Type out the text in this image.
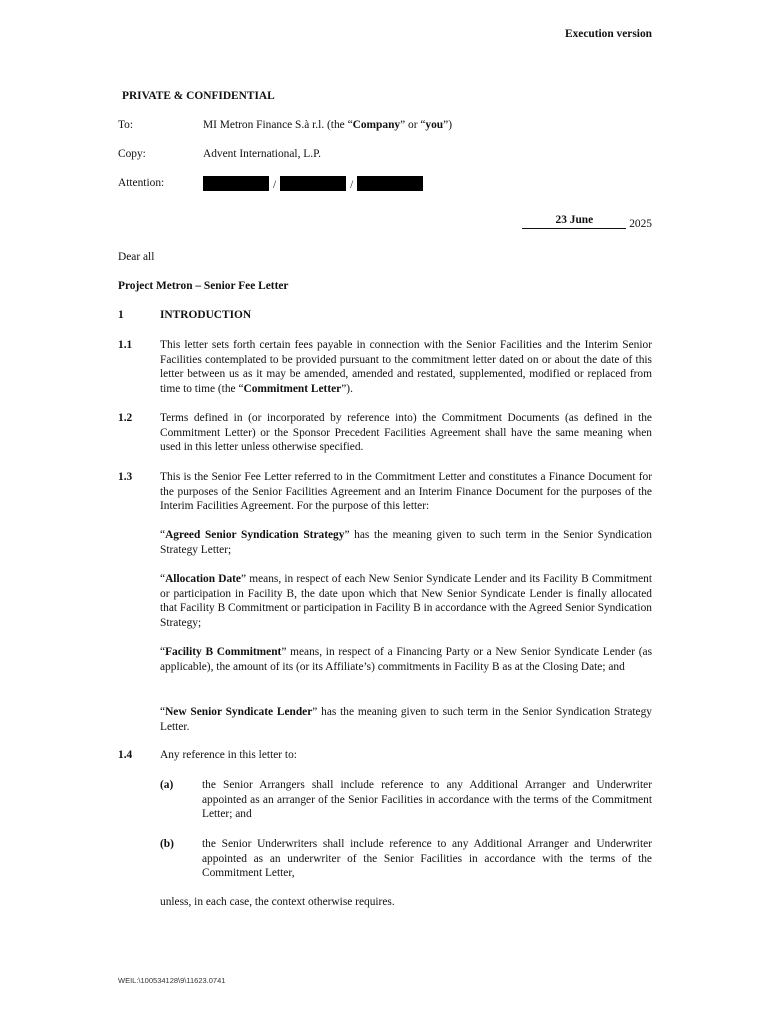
Execution version
PRIVATE & CONFIDENTIAL
To:	MI Metron Finance S.à r.l. (the “Company” or “you”)
Copy:	Advent International, L.P.
Attention:	/	/
23 June	2025
Dear all
Project Metron – Senior Fee Letter
1	INTRODUCTION
1.1 This letter sets forth certain fees payable in connection with the Senior Facilities and the Interim Senior Facilities contemplated to be provided pursuant to the commitment letter dated on or about the date of this letter between us as it may be amended, amended and restated, supplemented, modified or replaced from time to time (the “Commitment Letter”).

1.2 Terms defined in (or incorporated by reference into) the Commitment Documents (as defined in the Commitment Letter) or the Sponsor Precedent Facilities Agreement shall have the same meaning when used in this letter unless otherwise specified.

1.3 This is the Senior Fee Letter referred to in the Commitment Letter and constitutes a Finance Document for the purposes of the Senior Facilities Agreement and an Interim Finance Document for the purposes of the Interim Facilities Agreement. For the purpose of this letter:

“Agreed Senior Syndication Strategy” has the meaning given to such term in the Senior Syndication Strategy Letter;

“Allocation Date” means, in respect of each New Senior Syndicate Lender and its Facility B Commitment or participation in Facility B, the date upon which that New Senior Syndicate Lender is finally allocated that Facility B Commitment or participation in Facility B in accordance with the Agreed Senior Syndication Strategy;

“Facility B Commitment” means, in respect of a Financing Party or a New Senior Syndicate Lender (as applicable), the amount of its (or its Affiliate’s) commitments in Facility B as at the Closing Date; and

“New Senior Syndicate Lender” has the meaning given to such term in the Senior Syndication Strategy Letter.

1.4 Any reference in this letter to:

(a)	the Senior Arrangers shall include reference to any Additional Arranger and Underwriter appointed as an arranger of the Senior Facilities in accordance with the terms of the Commitment Letter; and

(b) the Senior Underwriters shall include reference to any Additional Arranger and Underwriter appointed as an underwriter of the Senior Facilities in accordance with the terms of the Commitment Letter,

unless, in each case, the context otherwise requires.

WEIL:\100534128\9\11623.0741
